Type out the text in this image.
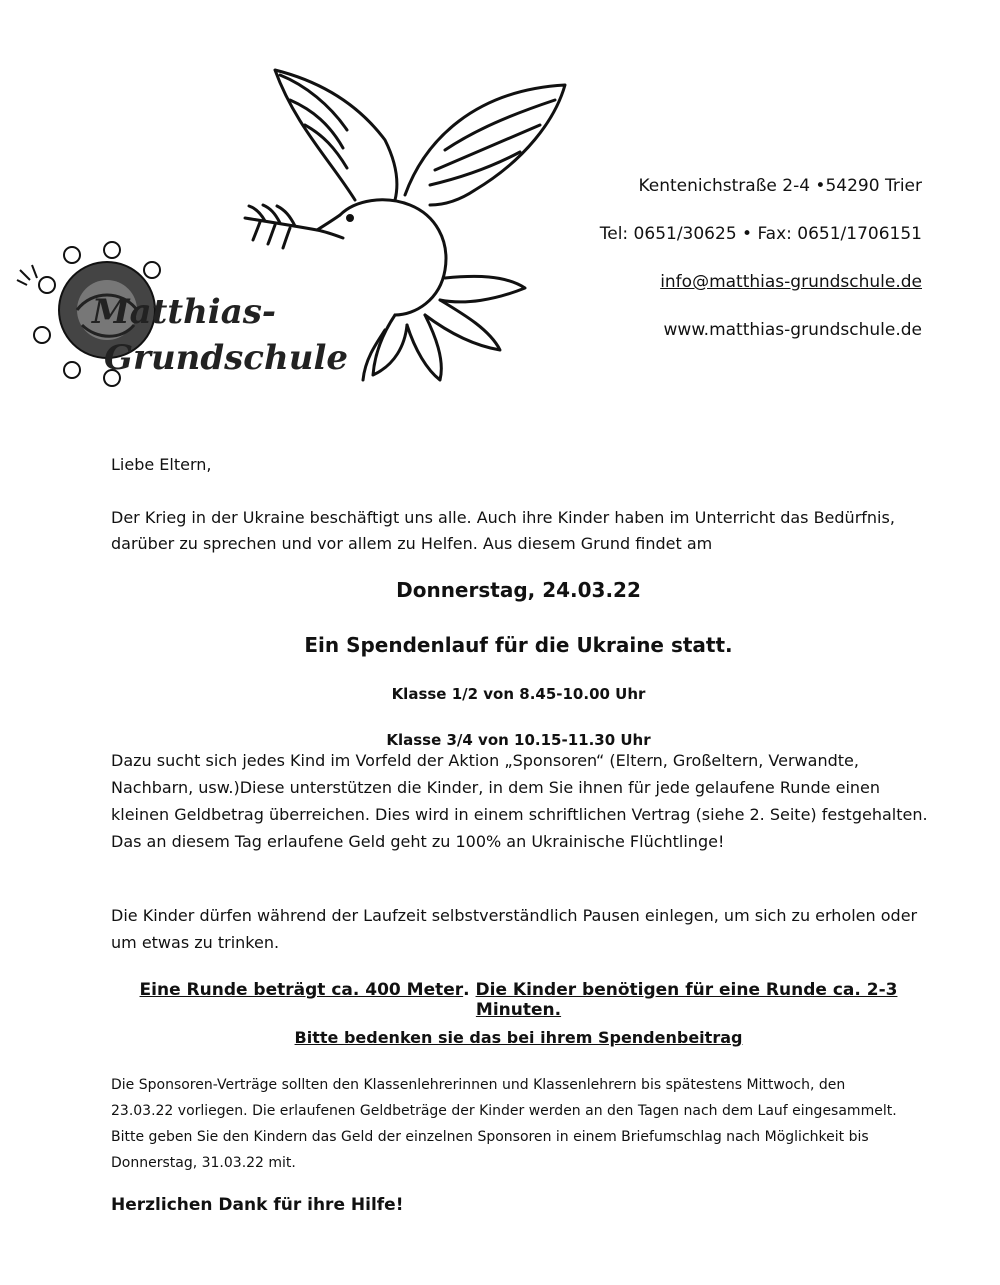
Matthias-
Grundschule
Kentenichstraße 2-4 •54290 Trier
Tel: 0651/30625 • Fax: 0651/1706151
info@matthias-grundschule.de
www.matthias-grundschule.de
Liebe Eltern,
Der Krieg in der Ukraine beschäftigt uns alle. Auch ihre Kinder haben im Unterricht das Bedürfnis,
darüber zu sprechen und vor allem zu Helfen. Aus diesem Grund findet am
Donnerstag, 24.03.22
Ein Spendenlauf für die Ukraine statt.
Klasse 1/2 von 8.45-10.00 Uhr
Klasse 3/4 von 10.15-11.30 Uhr
Dazu sucht sich jedes Kind im Vorfeld der Aktion „Sponsoren“ (Eltern, Großeltern, Verwandte,
Nachbarn, usw.)Diese unterstützen die Kinder, in dem Sie ihnen für jede gelaufene Runde einen
kleinen Geldbetrag überreichen. Dies wird in einem schriftlichen Vertrag (siehe 2. Seite) festgehalten.
Das an diesem Tag erlaufene Geld geht zu 100% an Ukrainische Flüchtlinge!
Die Kinder dürfen während der Laufzeit selbstverständlich Pausen einlegen, um sich zu erholen oder
um etwas zu trinken.
Eine Runde beträgt ca. 400 Meter. Die Kinder benötigen für eine Runde ca. 2-3 Minuten.
Bitte bedenken sie das bei ihrem Spendenbeitrag
Die Sponsoren-Verträge sollten den Klassenlehrerinnen und Klassenlehrern bis spätestens Mittwoch, den
23.03.22 vorliegen. Die erlaufenen Geldbeträge der Kinder werden an den Tagen nach dem Lauf eingesammelt.
Bitte geben Sie den Kindern das Geld der einzelnen Sponsoren in einem Briefumschlag nach Möglichkeit bis
Donnerstag, 31.03.22 mit.
Herzlichen Dank für ihre Hilfe!
